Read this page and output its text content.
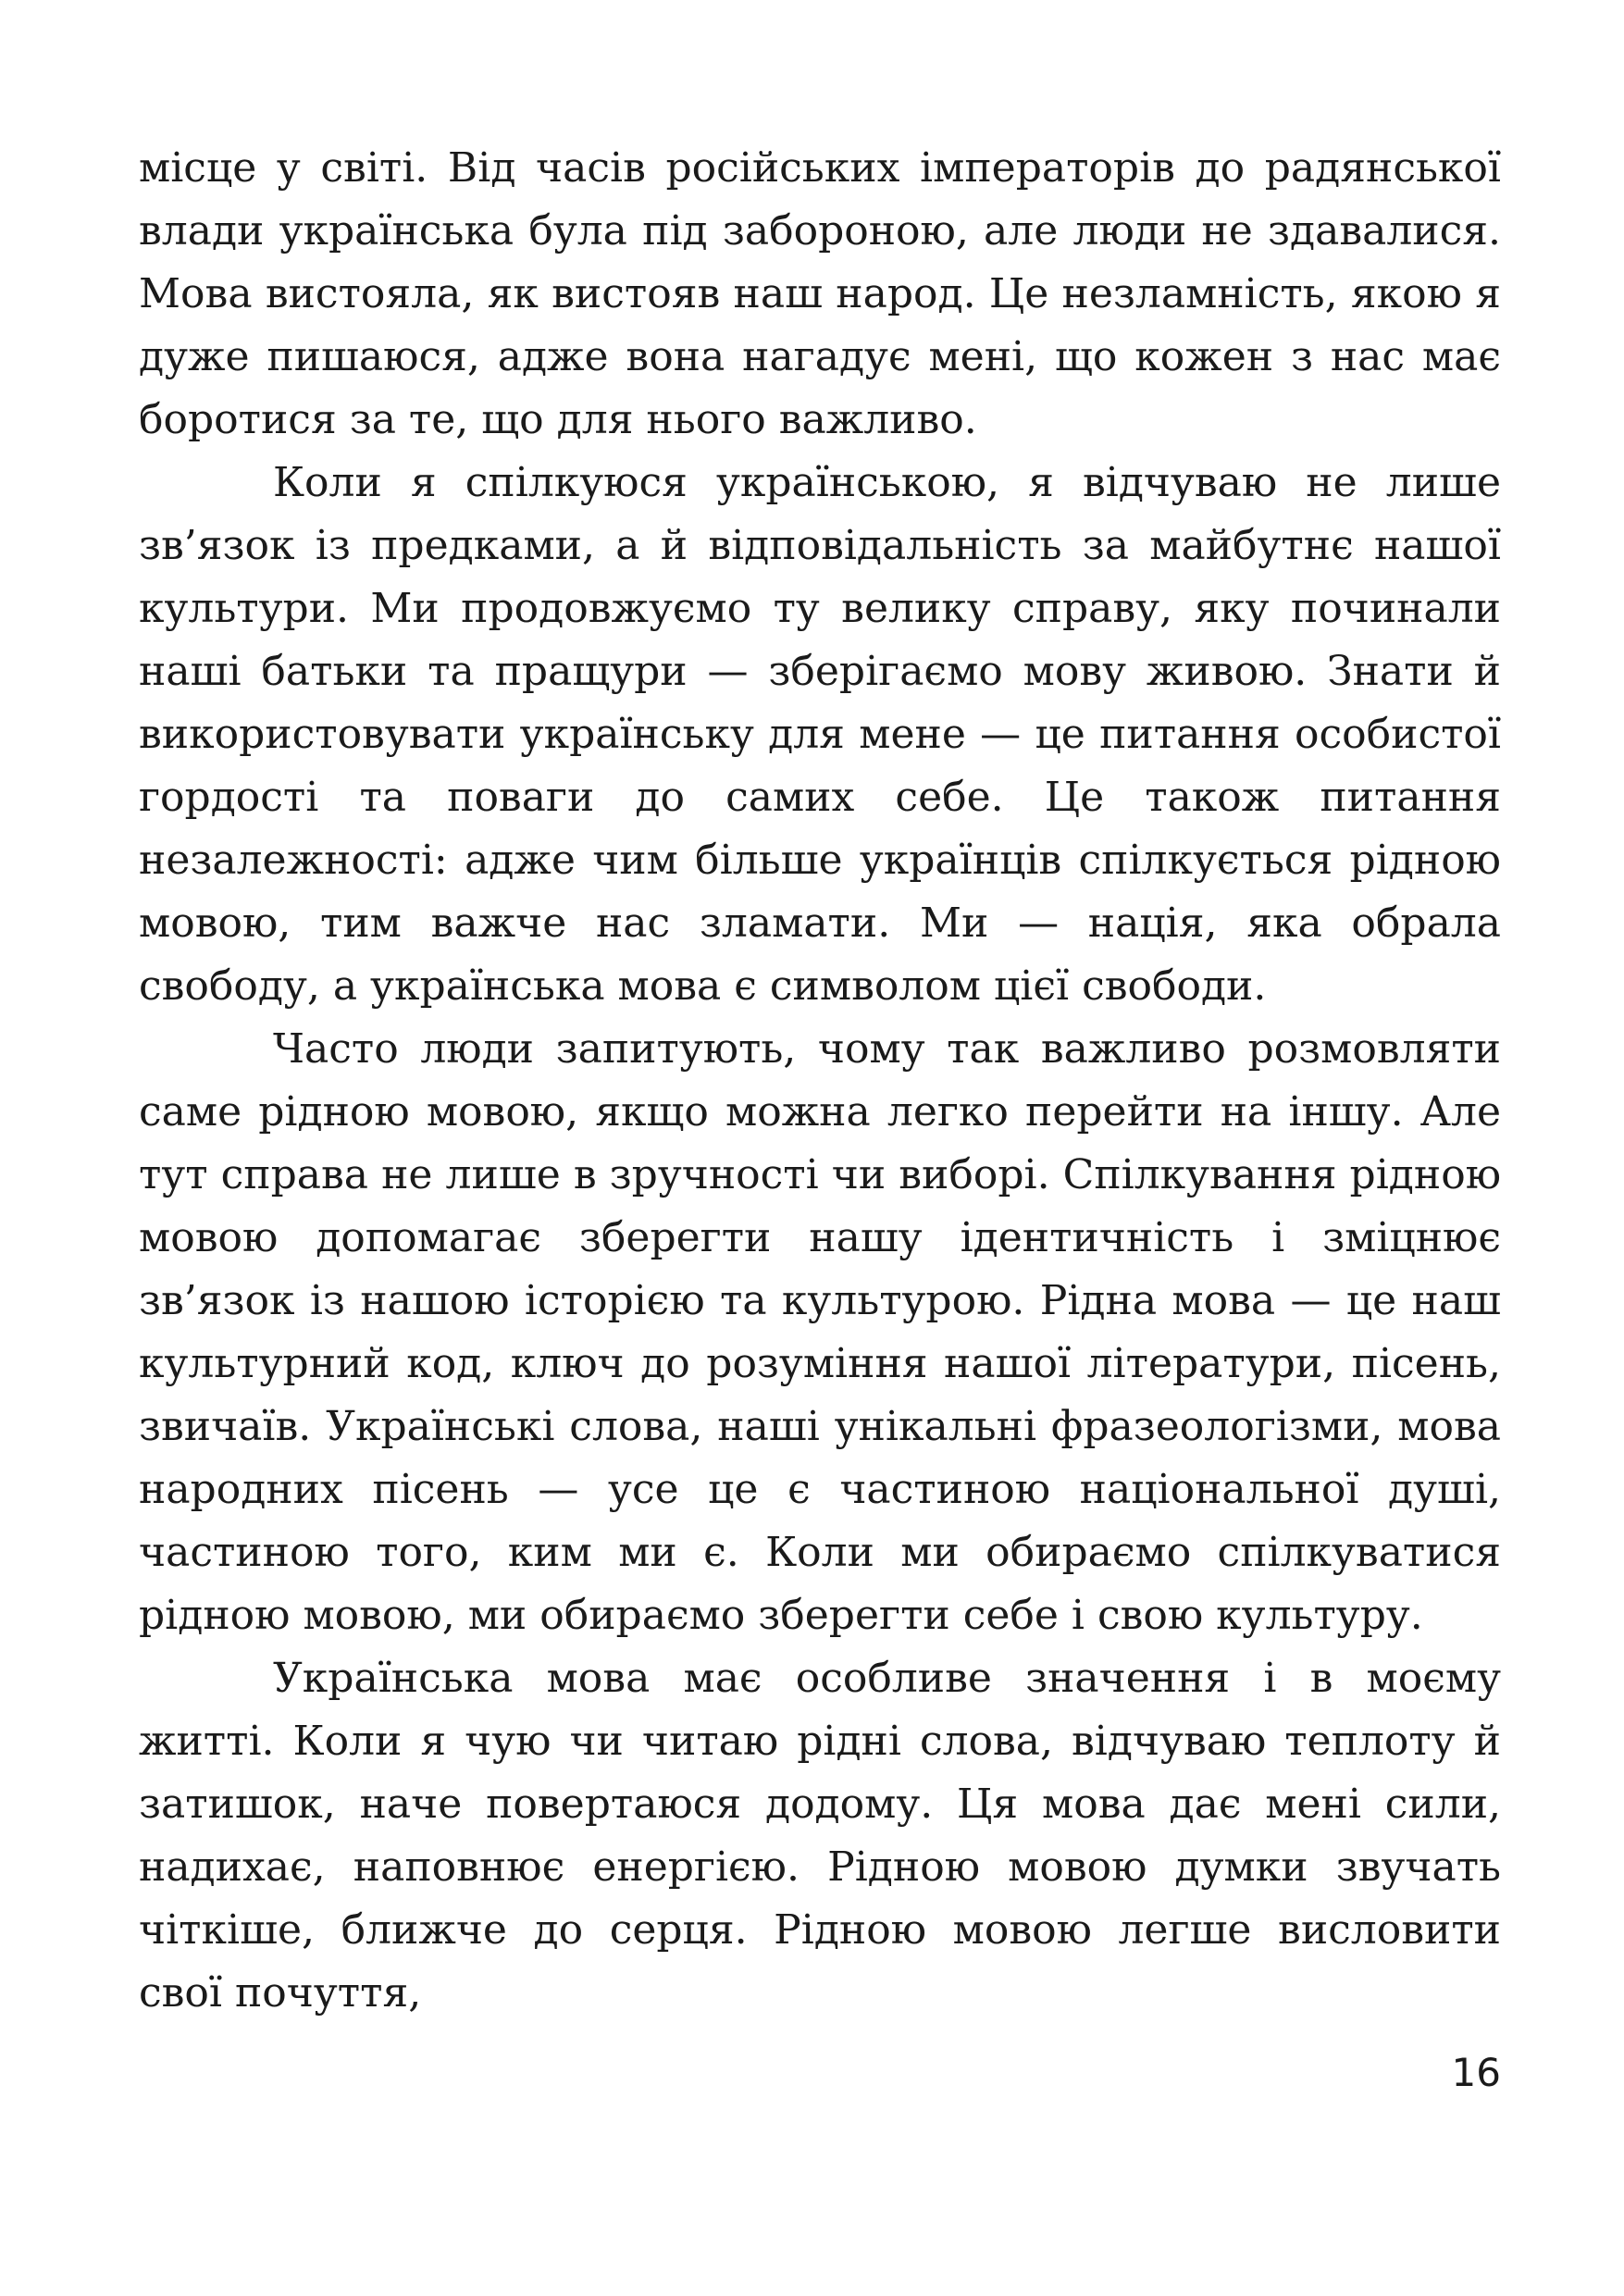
місце у світі. Від часів російських імператорів до радянської влади українська була під забороною, але люди не здавалися. Мова вистояла, як вистояв наш народ. Це незламність, якою я дуже пишаюся, адже вона нагадує мені, що кожен з нас має боротися за те, що для нього важливо.

Коли я спілкуюся українською, я відчуваю не лише зв’язок із предками, а й відповідальність за майбутнє нашої культури. Ми продовжуємо ту велику справу, яку починали наші батьки та пращури — зберігаємо мову живою. Знати й використовувати українську для мене — це питання особистої гордості та поваги до самих себе. Це також питання незалежності: адже чим більше українців спілкується рідною мовою, тим важче нас зламати. Ми — нація, яка обрала свободу, а українська мова є символом цієї свободи.

Часто люди запитують, чому так важливо розмовляти саме рідною мовою, якщо можна легко перейти на іншу. Але тут справа не лише в зручності чи виборі. Спілкування рідною мовою допомагає зберегти нашу ідентичність і зміцнює зв’язок із нашою історією та культурою. Рідна мова — це наш культурний код, ключ до розуміння нашої літератури, пісень, звичаїв. Українські слова, наші унікальні фразеологізми, мова народних пісень — усе це є частиною національної душі, частиною того, ким ми є. Коли ми обираємо спілкуватися рідною мовою, ми обираємо зберегти себе і свою культуру.

Українська мова має особливе значення і в моєму житті. Коли я чую чи читаю рідні слова, відчуваю теплоту й затишок, наче повертаюся додому. Ця мова дає мені сили, надихає, наповнює енергією. Рідною мовою думки звучать чіткіше, ближче до серця. Рідною мовою легше висловити свої почуття,

16
